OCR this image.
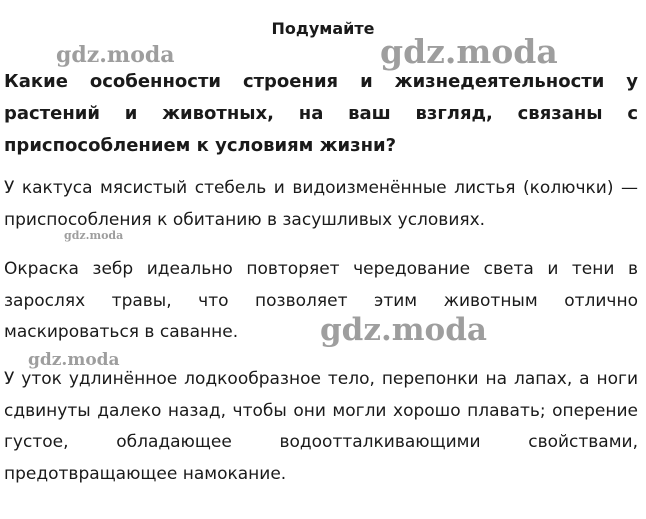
Подумайте

Какие особенности строения и жизнедеятельности у растений и животных, на ваш взгляд, связаны с приспособлением к условиям жизни?

У кактуса мясистый стебель и видоизменённые листья (колючки) — приспособления к обитанию в засушливых условиях.

Окраска зебр идеально повторяет чередование света и тени в зарослях травы, что позволяет этим животным отлично маскироваться в саванне.

У уток удлинённое лодкообразное тело, перепонки на лапах, а ноги сдвинуты далеко назад, чтобы они могли хорошо плавать; оперение густое, обладающее водоотталкивающими свойствами, предотвращающее намокание.

gdz.moda	gdz.moda
gdz.moda
gdz.moda
gdz.moda
